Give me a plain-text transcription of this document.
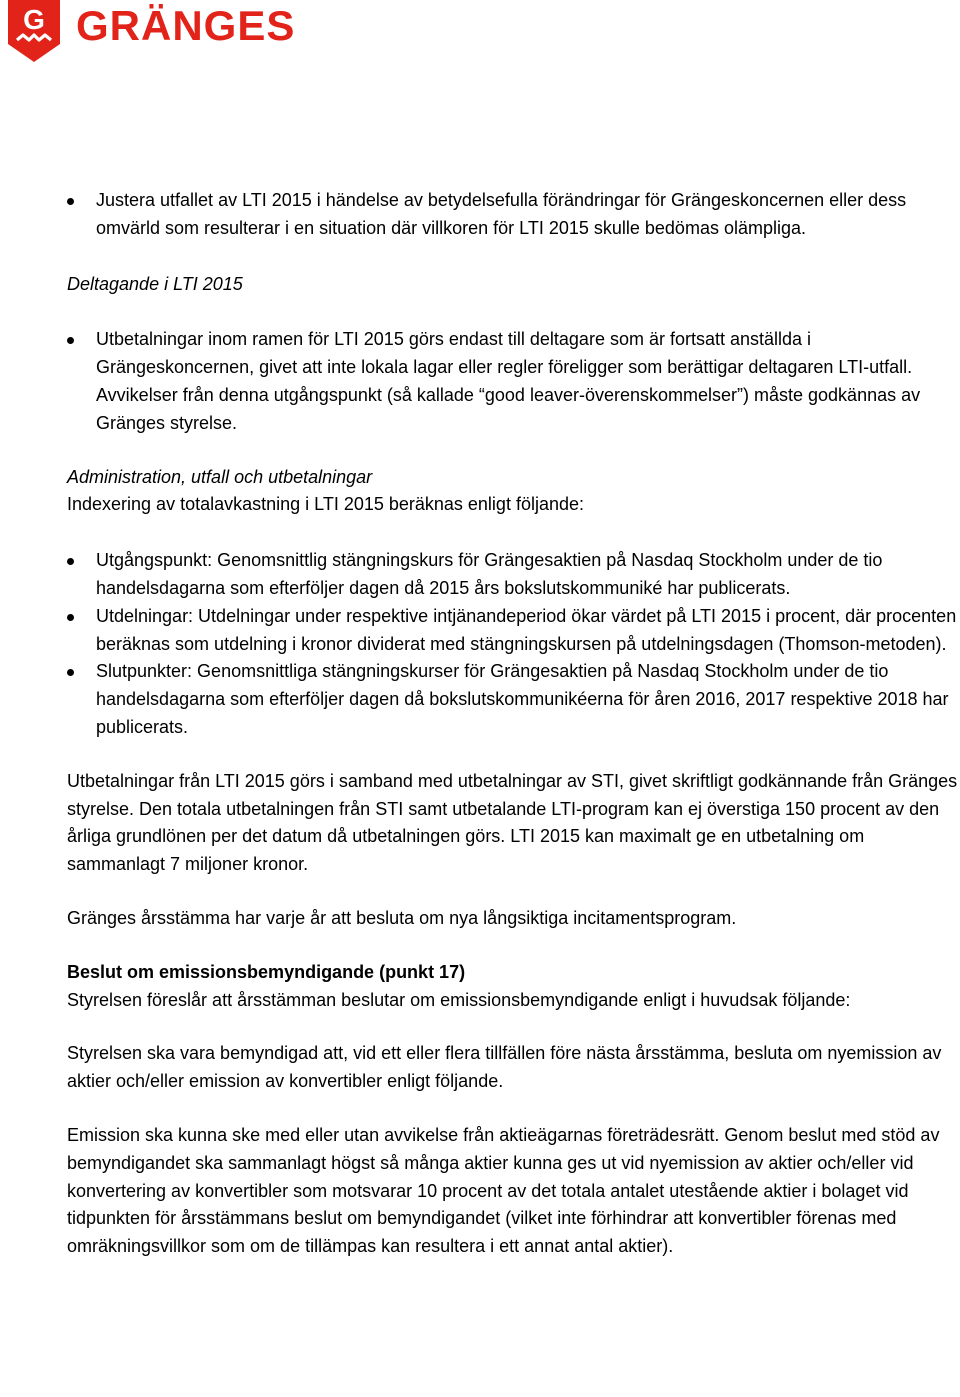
G GRÄNGES
Justera utfallet av LTI 2015 i händelse av betydelsefulla förändringar för Grängeskoncernen eller dess omvärld som resulterar i en situation där villkoren för LTI 2015 skulle bedömas olämpliga.

Deltagande i LTI 2015

Utbetalningar inom ramen för LTI 2015 görs endast till deltagare som är fortsatt anställda i Grängeskoncernen, givet att inte lokala lagar eller regler föreligger som berättigar deltagaren LTI-utfall. Avvikelser från denna utgångspunkt (så kallade “good leaver-överenskommelser”) måste godkännas av Gränges styrelse.

Administration, utfall och utbetalningar

Indexering av totalavkastning i LTI 2015 beräknas enligt följande:

Utgångspunkt: Genomsnittlig stängningskurs för Grängesaktien på Nasdaq Stockholm under de tio handelsdagarna som efterföljer dagen då 2015 års bokslutskommuniké har publicerats.
Utdelningar: Utdelningar under respektive intjänandeperiod ökar värdet på LTI 2015 i procent, där procenten beräknas som utdelning i kronor dividerat med stängningskursen på utdelningsdagen (Thomson-metoden).
Slutpunkter: Genomsnittliga stängningskurser för Grängesaktien på Nasdaq Stockholm under de tio handelsdagarna som efterföljer dagen då bokslutskommunikéerna för åren 2016, 2017 respektive 2018 har publicerats.

Utbetalningar från LTI 2015 görs i samband med utbetalningar av STI, givet skriftligt godkännande från Gränges styrelse. Den totala utbetalningen från STI samt utbetalande LTI-program kan ej överstiga 150 procent av den årliga grundlönen per det datum då utbetalningen görs. LTI 2015 kan maximalt ge en utbetalning om sammanlagt 7 miljoner kronor.

Gränges årsstämma har varje år att besluta om nya långsiktiga incitamentsprogram.

Beslut om emissionsbemyndigande (punkt 17)

Styrelsen föreslår att årsstämman beslutar om emissionsbemyndigande enligt i huvudsak följande:

Styrelsen ska vara bemyndigad att, vid ett eller flera tillfällen före nästa årsstämma, besluta om nyemission av aktier och/eller emission av konvertibler enligt följande.

Emission ska kunna ske med eller utan avvikelse från aktieägarnas företrädesrätt. Genom beslut med stöd av bemyndigandet ska sammanlagt högst så många aktier kunna ges ut vid nyemission av aktier och/eller vid konvertering av konvertibler som motsvarar 10 procent av det totala antalet utestående aktier i bolaget vid tidpunkten för årsstämmans beslut om bemyndigandet (vilket inte förhindrar att konvertibler förenas med omräkningsvillkor som om de tillämpas kan resultera i ett annat antal aktier).
